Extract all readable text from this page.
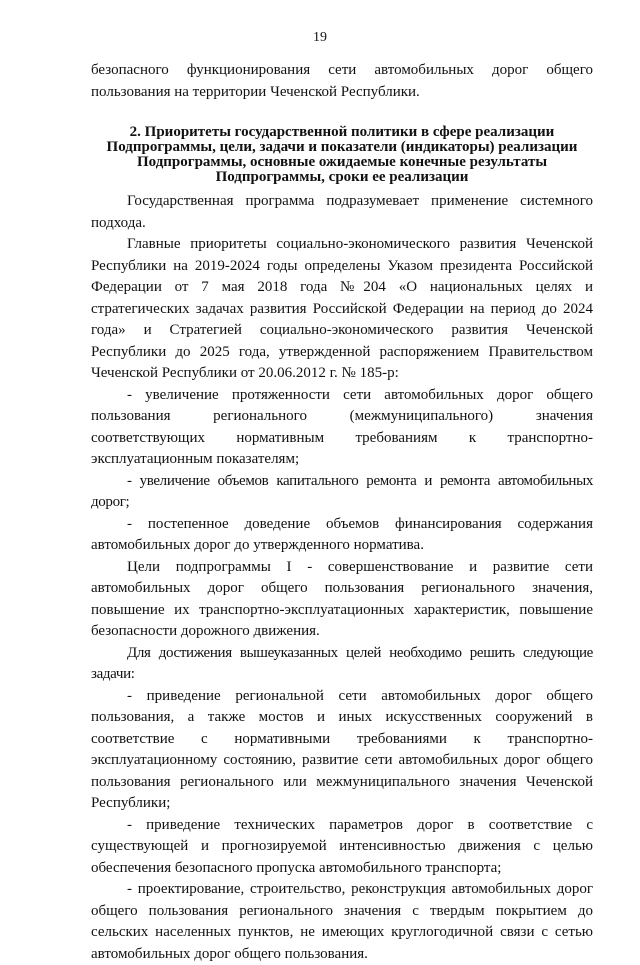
19

безопасного функционирования сети автомобильных дорог общего пользования на территории Чеченской Республики.

2. Приоритеты государственной политики в сфере реализации
Подпрограммы, цели, задачи и показатели (индикаторы) реализации
Подпрограммы, основные ожидаемые конечные результаты
Подпрограммы, сроки ее реализации

Государственная программа подразумевает применение системного подхода.

Главные приоритеты социально-экономического развития Чеченской Республики на 2019-2024 годы определены Указом президента Российской Федерации от 7 мая 2018 года №204 «О национальных целях и стратегических задачах развития Российской Федерации на период до 2024 года» и Стратегией социально-экономического развития Чеченской Республики до 2025 года, утвержденной распоряжением Правительством Чеченской Республики от 20.06.2012 г. № 185-р:

- увеличение протяженности сети автомобильных дорог общего пользования регионального (межмуниципального) значения соответствующих нормативным требованиям к транспортно-эксплуатационным показателям;

- увеличение объемов капитального ремонта и ремонта автомобильных дорог;

- постепенное доведение объемов финансирования содержания автомобильных дорог до утвержденного норматива.

Цели подпрограммы I - совершенствование и развитие сети автомобильных дорог общего пользования регионального значения, повышение их транспортно-эксплуатационных характеристик, повышение безопасности дорожного движения.

Для достижения вышеуказанных целей необходимо решить следующие задачи:

- приведение региональной сети автомобильных дорог общего пользования, а также мостов и иных искусственных сооружений в соответствие с нормативными требованиями к транспортно-эксплуатационному состоянию, развитие сети автомобильных дорог общего пользования регионального или межмуниципального значения Чеченской Республики;

- приведение технических параметров дорог в соответствие с существующей и прогнозируемой интенсивностью движения с целью обеспечения безопасного пропуска автомобильного транспорта;

- проектирование, строительство, реконструкция автомобильных дорог общего пользования регионального значения с твердым покрытием до сельских населенных пунктов, не имеющих круглогодичной связи с сетью автомобильных дорог общего пользования.
